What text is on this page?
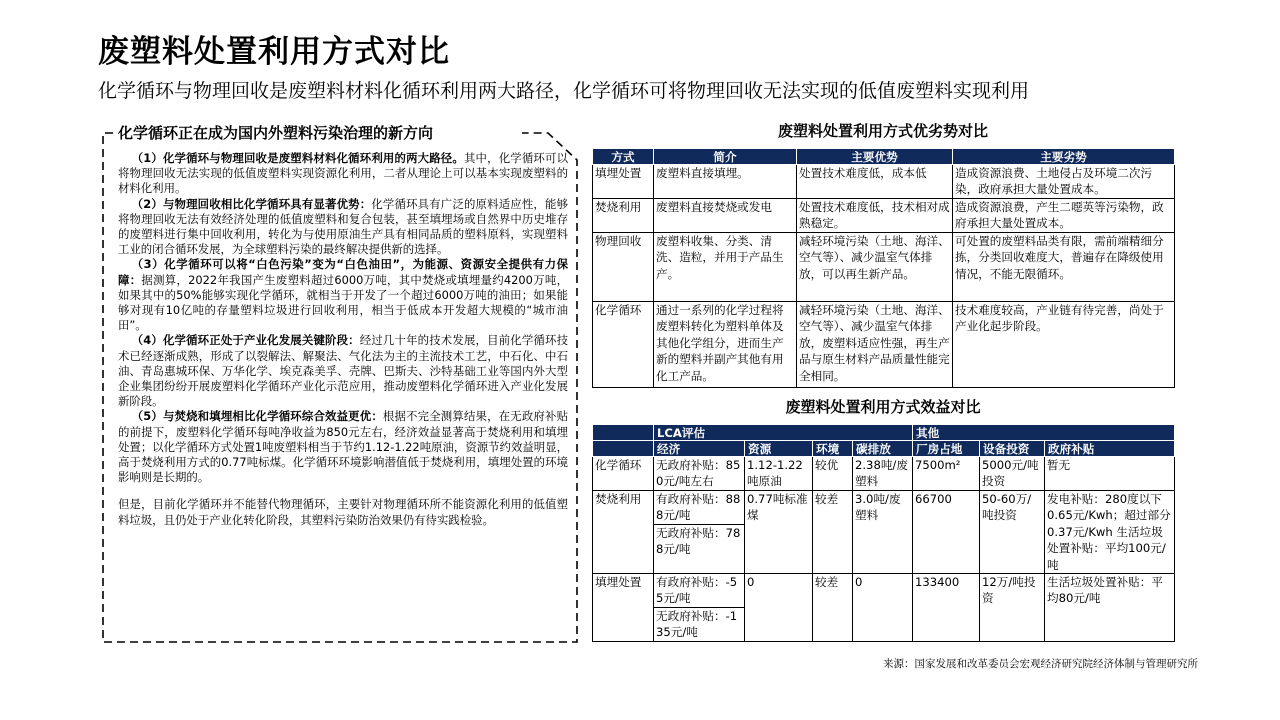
废塑料处置利用方式对比
化学循环与物理回收是废塑料材料化循环利用两大路径，化学循环可将物理回收无法实现的低值废塑料实现利用
化学循环正在成为国内外塑料污染治理的新方向

（1）化学循环与物理回收是废塑料材料化循环利用的两大路径。其中，化学循环可以将物理回收无法实现的低值废塑料实现资源化利用，二者从理论上可以基本实现废塑料的材料化利用。

（2）与物理回收相比化学循环具有显著优势：化学循环具有广泛的原料适应性，能够将物理回收无法有效经济处理的低值废塑料和复合包装，甚至填埋场或自然界中历史堆存的废塑料进行集中回收利用，转化为与使用原油生产具有相同品质的塑料原料，实现塑料工业的闭合循环发展，为全球塑料污染的最终解决提供新的选择。

（3）化学循环可以将“白色污染”变为“白色油田”，为能源、资源安全提供有力保障：据测算，2022年我国产生废塑料超过6000万吨，其中焚烧或填埋量约4200万吨，如果其中的50%能够实现化学循环，就相当于开发了一个超过6000万吨的油田；如果能够对现有10亿吨的存量塑料垃圾进行回收利用，相当于低成本开发超大规模的“城市油田”。

（4）化学循环正处于产业化发展关键阶段：经过几十年的技术发展，目前化学循环技术已经逐渐成熟，形成了以裂解法、解聚法、气化法为主的主流技术工艺，中石化、中石油、青岛惠城环保、万华化学、埃克森美孚、壳牌、巴斯夫、沙特基础工业等国内外大型企业集团纷纷开展废塑料化学循环产业化示范应用，推动废塑料化学循环进入产业化发展新阶段。

（5）与焚烧和填埋相比化学循环综合效益更优：根据不完全测算结果，在无政府补贴的前提下，废塑料化学循环每吨净收益为850元左右，经济效益显著高于焚烧利用和填埋处置；以化学循环方式处置1吨废塑料相当于节约1.12-1.22吨原油，资源节约效益明显，高于焚烧利用方式的0.77吨标煤。化学循环环境影响潜值低于焚烧利用，填埋处置的环境影响则是长期的。

但是，目前化学循环并不能替代物理循环，主要针对物理循环所不能资源化利用的低值塑料垃圾，且仍处于产业化转化阶段，其塑料污染防治效果仍有待实践检验。

废塑料处置利用方式优劣势对比
方式	简介	主要优势	主要劣势
填埋处置	废塑料直接填埋。	处置技术难度低，成本低	造成资源浪费、土地侵占及环境二次污染，政府承担大量处置成本。
焚烧利用	废塑料直接焚烧或发电	处置技术难度低，技术相对成熟稳定。	造成资源浪费，产生二噁英等污染物，政府承担大量处置成本。
物理回收	废塑料收集、分类、清洗、造粒，并用于产品生产。	减轻环境污染（土地、海洋、空气等）、减少温室气体排放，可以再生新产品。	可处置的废塑料品类有限，需前端精细分拣，分类回收难度大，普遍存在降级使用情况，不能无限循环。
化学循环	通过一系列的化学过程将废塑料转化为塑料单体及其他化学组分，进而生产新的塑料并副产其他有用化工产品。	减轻环境污染（土地、海洋、空气等）、减少温室气体排放，废塑料适应性强，再生产品与原生材料产品质量性能完全相同。	技术难度较高，产业链有待完善，尚处于产业化起步阶段。
废塑料处置利用方式效益对比
	LCA评估				其他		
	经济	资源	环境	碳排放	厂房占地	设备投资	政府补贴
化学循环	无政府补贴：850元/吨左右	1.12-1.22吨原油	较优	2.38吨/废塑料	7500m²	5000元/吨投资	暂无
焚烧利用	有政府补贴：888元/吨	0.77吨标准煤	较差	3.0吨/废塑料	66700	50-60万/吨投资	发电补贴：280度以下0.65元/Kwh；超过部分0.37元/Kwh 生活垃圾处置补贴：平均100元/吨
	无政府补贴：788元/吨						
填埋处置	有政府补贴：-55元/吨	0	较差	0	133400	12万/吨投资	生活垃圾处置补贴：平均80元/吨
	无政府补贴：-135元/吨						
来源：国家发展和改革委员会宏观经济研究院经济体制与管理研究所
